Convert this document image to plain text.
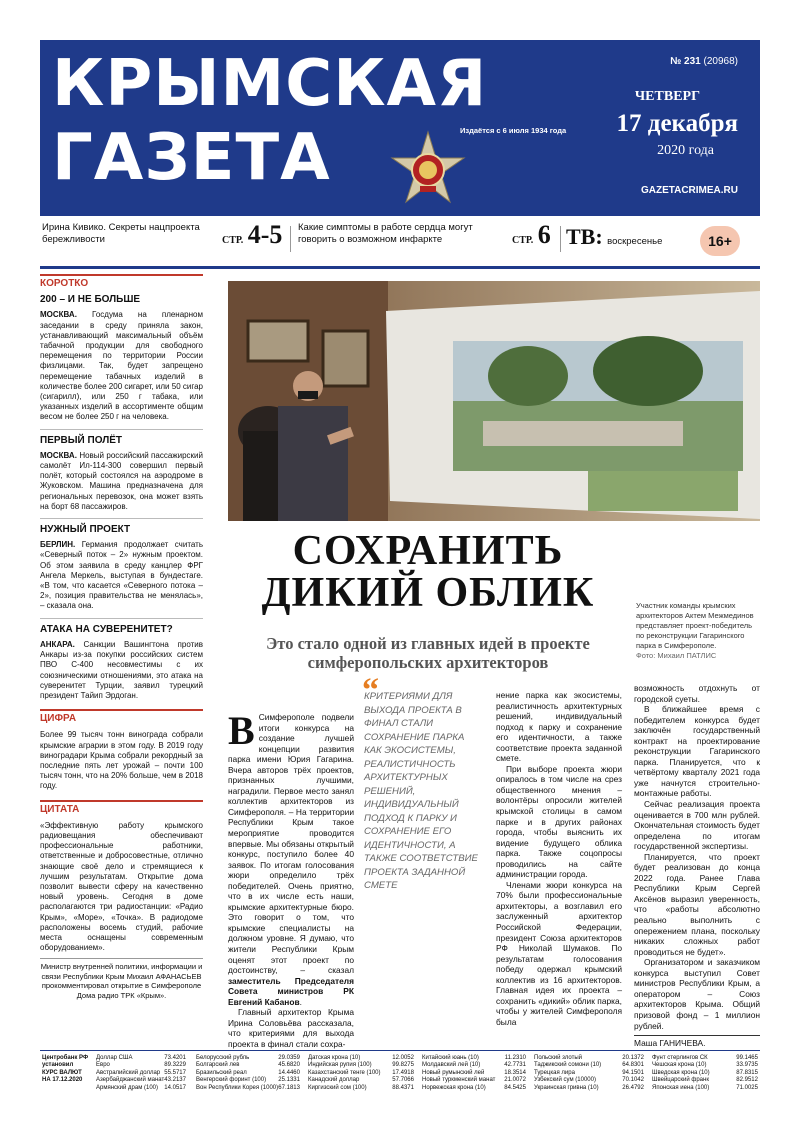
КРЫМСКАЯ
ГАЗЕТА	Издаётся с 6 июля 1934 года
№ 231 (20968)
ЧЕТВЕРГ
17 декабря
2020 года
GAZETACRIMEA.RU
Ирина Кивико. Секреты нацпроекта бережливости	СТР. 4-5 Какие симптомы в работе сердца могут говорить о возможном инфаркте	СТР. 6 ТВ: воскресенье	16+
КОРОТКО
200 – И НЕ БОЛЬШЕ
МОСКВА. Госдума на пленарном заседании в среду приняла закон, устанавливающий максимальный объём табачной продукции для свободного перемещения по территории России физлицами. Так, будет запрещено перемещение табачных изделий в количестве более 200 сигарет, или 50 сигар (сигарилл), или 250 г табака, или указанных изделий в ассортименте общим весом не более 250 г на человека.
ПЕРВЫЙ ПОЛЁТ
МОСКВА. Новый российский пассажирский самолёт Ил-114-300 совершил первый полёт, который состоялся на аэродроме в Жуковском. Машина предназначена для региональных перевозок, она может взять на борт 68 пассажиров.
НУЖНЫЙ ПРОЕКТ
БЕРЛИН. Германия продолжает считать «Северный поток – 2» нужным проектом. Об этом заявила в среду канцлер ФРГ Ангела Меркель, выступая в бундестаге. «В том, что касается «Северного потока – 2», позиция правительства не менялась», – сказала она.
АТАКА НА СУВЕРЕНИТЕТ?
АНКАРА. Санкции Вашингтона против Анкары из-за покупки российских систем ПВО С-400 несовместимы с их союзническими отношениями, это атака на суверенитет Турции, заявил турецкий президент Тайип Эрдоган.
ЦИФРА
Более 99 тысяч тонн винограда собрали крымские аграрии в этом году. В 2019 году виноградари Крыма собрали рекордный за последние пять лет урожай – почти 100 тысяч тонн, что на 20% больше, чем в 2018 году.
ЦИТАТА
«Эффективную работу крымского радиовещания обеспечивают профессиональные работники, ответственные и добросовестные, отлично знающие своё дело и стремящиеся к лучшим результатам. Открытие дома позволит вывести сферу на качественно новый уровень. Сегодня в доме располагаются три радиостанции: «Радио Крым», «Море», «Точка». В радиодоме расположены восемь студий, рабочие места оснащены современным оборудованием».
Министр внутренней политики, информации и связи Республики Крым Михаил АФАНАСЬЕВ прокомментировал открытие в Симферополе Дома радио ТРК «Крым».
СОХРАНИТЬ ДИКИЙ ОБЛИК
Это стало одной из главных идей в проекте симферопольских архитекторов
Участник команды крымских архитекторов Актем Межмединов представляет проект-победитель по реконструкции Гагаринского парка в Симферополе.
Фото: Михаил ПАТЛИС
В Симферополе подвели итоги конкурса на создание лучшей концепции развития парка имени Юрия Гагарина. Вчера авторов трёх проектов, признанных лучшими, наградили. Первое место занял коллектив архитекторов из Симферополя. – На территории Республики Крым такое мероприятие проводится впервые. Мы обязаны открытый конкурс, поступило более 40 заявок. По итогам голосования жюри определило трёх победителей. Очень приятно, что в их числе есть наши, крымские архитектурные бюро. Это говорит о том, что крымские специалисты на должном уровне. Я думаю, что жители Республики Крым оценят этот проект по достоинству, – сказал

заместитель Председателя Совета министров РК Евгений Кабанов.

Главный архитектор Крыма Ирина Соловьёва рассказала, что критериями для выхода проекта в финал стали сохра-

“
КРИТЕРИЯМИ ДЛЯ ВЫХОДА ПРОЕКТА В ФИНАЛ СТАЛИ СОХРАНЕНИЕ ПАРКА КАК ЭКОСИСТЕМЫ, РЕАЛИСТИЧНОСТЬ АРХИТЕКТУРНЫХ РЕШЕНИЙ, ИНДИВИДУАЛЬНЫЙ ПОДХОД К ПАРКУ И СОХРАНЕНИЕ ЕГО ИДЕНТИЧНОСТИ, А ТАКЖЕ СООТВЕТСТВИЕ ПРОЕКТА ЗАДАННОЙ СМЕТЕ

нение парка как экосистемы, реалистичность архитектурных решений, индивидуальный подход к парку и сохранение его идентичности, а также соответствие проекта заданной смете.

При выборе проекта жюри опиралось в том числе на срез общественного мнения – волонтёры опросили жителей крымской столицы в самом парке и в других районах города, чтобы выяснить их видение будущего облика парка. Также соцопросы проводились на сайте администрации города.

Членами жюри конкурса на 70% были профессиональные архитекторы, а возглавил его заслуженный архитектор Российской Федерации, президент Союза архитекторов РФ Николай Шумаков. По результатам голосования победу одержал крымский коллектив из 16 архитекторов. Главная идея их проекта – сохранить «дикий» облик парка, чтобы у жителей Симферополя была

возможность отдохнуть от городской суеты.

В ближайшее время с победителем конкурса будет заключён государственный контракт на проектирование реконструкции Гагаринского парка. Планируется, что к четвёртому кварталу 2021 года уже начнутся строительно-монтажные работы.

Сейчас реализация проекта оценивается в 700 млн рублей. Окончательная стоимость будет определена по итогам государственной экспертизы.

Планируется, что проект будет реализован до конца 2022 года. Ранее Глава Республики Крым Сергей Аксёнов выразил уверенность, что «работы абсолютно реально выполнить с опережением плана, поскольку никаких сложных работ проводиться не будет».

Организатором и заказчиком конкурса выступил Совет министров Республики Крым, а оператором – Союз архитекторов Крыма. Общий призовой фонд – 1 миллион рублей.

Маша ГАНИЧЕВА.
Центробанк РФ
установил
КУРС ВАЛЮТ
НА 17.12.2020
Доллар США	73.4201
Евро	89.3229
Австралийский доллар 55.5717
Азербайджанский манат 43.2137
Армянский драм (100)	14.0517
Белорусский рубль	29.0359
Болгарский лев	45.6820
Бразильский реал	14.4460
Венгерский форинт (100)	25.1331
Вон Республики Корея (1000) 67.1813
Датская крона (10)	12.0052
Индийская рупия (100)	99.8275
Казахстанский тенге (100)	17.4918
Канадский доллар	57.7066
Киргизский сом (100)	88.4371
Китайский юань (10)	11.2310
Молдавский лей (10)	42.7731
Новый румынский лей	18.3514
Новый туркменский манат	21.0072
Норвежская крона (10)	84.5425
Польский злотый	20.1372
Таджикский сомони (10)	64.8301
Турецкая лира	94.1501
Узбекский сум (10000)	70.1042
Украинская гривна (10)	26.4792
Фунт стерлингов СК	99.1465
Чешская крона (10)	33.9735
Шведская крона (10)	87.8315
Швейцарский франк	82.9512
Японская иена (100)	71.0025
